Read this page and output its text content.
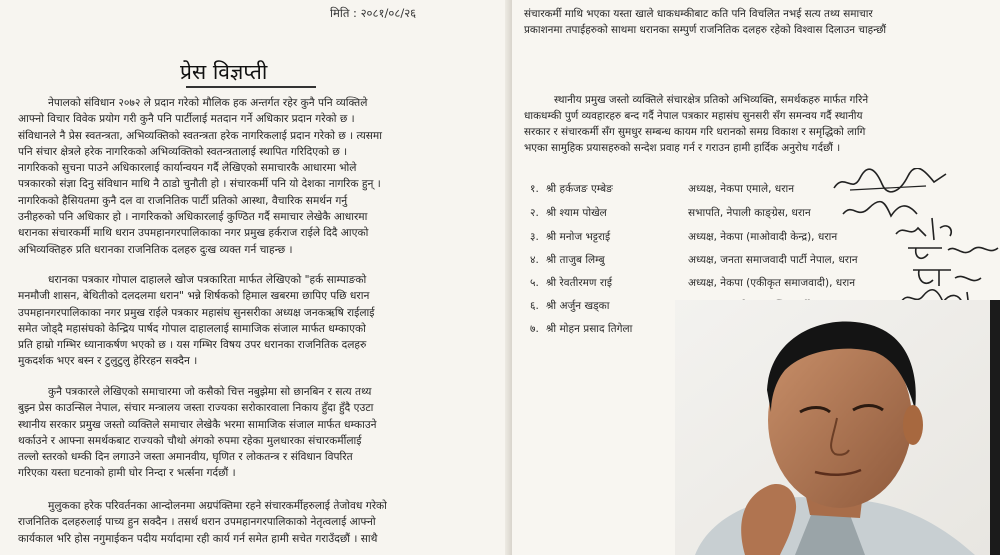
मिति : २०८१/०८/२६
प्रेस विज्ञप्ती
नेपालको संविधान २०७२ ले प्रदान गरेको मौलिक हक अन्तर्गत रहेर कुनै पनि व्यक्तिले
आफ्नो विचार विवेक प्रयोग गरी कुनै पनि पार्टीलाई मतदान गर्ने अधिकार प्रदान गरेको छ ।
संविधानले नै प्रेस स्वतन्त्रता, अभिव्यक्तिको स्वतन्त्रता हरेक नागरिकलाई प्रदान गरेको छ । त्यसमा
पनि संचार क्षेत्रले हरेक नागरिकको अभिव्यक्तिको स्वतन्त्रतालाई स्थापित गरिदिएको छ ।
नागरिकको सुचना पाउने अधिकारलाई कार्यान्वयन गर्दै लेखिएको समाचारकै आधारमा भोले
पत्रकारको संज्ञा दिनु संविधान माथि नै ठाडो चुनौती हो । संचारकर्मी पनि यो देशका नागरिक हुन् ।
नागरिकको हैसियतमा कुनै दल वा राजनितिक पार्टी प्रतिको आस्था, वैचारिक समर्थन गर्नु
उनीहरुको पनि अधिकार हो । नागरिकको अधिकारलाई कुण्ठित गर्दै समाचार लेखेकै आधारमा
धरानका संचारकर्मी माथि धरान उपमहानगरपालिकाका नगर प्रमुख हर्कराज राईले दिदै आएको
अभिव्यक्तिहरु प्रति धरानका राजनितिक दलहरु दुःख व्यक्त गर्न चाहन्छ ।
धरानका पत्रकार गोपाल दाहालले खोज पत्रकारिता मार्फत लेखिएको "हर्क साम्पाङको
मनमौजी शासन, बेथितीको दलदलमा धरान" भन्ने शिर्षकको हिमाल खबरमा छापिए पछि धरान
उपमहानगरपालिकाका नगर प्रमुख राईले पत्रकार महासंघ सुनसरीका अध्यक्ष जनकऋषि राईलाई
समेत जोड्दै महासंघको केन्द्रिय पार्षद गोपाल दाहाललाई सामाजिक संजाल मार्फत धम्काएको
प्रति हाम्रो गम्भिर ध्यानाकर्षण भएको छ । यस गम्भिर विषय उपर धरानका राजनितिक दलहरु
मुकदर्शक भएर बस्न र टुलुटुलु हेरिरहन सक्दैन ।
कुनै पत्रकारले लेखिएको समाचारमा जो कसैको चित्त नबुझेमा सो छानबिन र सत्य तथ्य
बुझ्न प्रेस काउन्सिल नेपाल, संचार मन्त्रालय जस्ता राज्यका सरोकारवाला निकाय हुँदा हुँदै एउटा
स्थानीय सरकार प्रमुख जस्तो व्यक्तिले समाचार लेखेकै भरमा सामाजिक संजाल मार्फत धम्काउने
थर्काउने र आफ्ना समर्थकबाट राज्यको चौथो अंगको रुपमा रहेका मुलधारका संचारकर्मीलाई
तल्लो स्तरको धम्की दिन लगाउने जस्ता अमानवीय, घृणित र लोकतन्त्र र संविधान विपरित
गरिएका यस्ता घटनाको हामी घोर निन्दा र भर्त्सना गर्दछौं ।
मुलुकका हरेक परिवर्तनका आन्दोलनमा अग्रपंक्तिमा रहने संचारकर्मीहरुलाई तेजोवध गरेको
राजनितिक दलहरुलाई पाच्य हुन सक्दैन । तसर्थ धरान उपमहानगरपालिकाको नेतृत्वलाई आफ्नो
कार्यकाल भरि होस नगुमाईकन पदीय मर्यादामा रही कार्य गर्न समेत हामी सचेत गराउँदछौं । साथै
संचारकर्मी माथि भएका यस्ता खाले धाकधम्कीबाट कति पनि विचलित नभई सत्य तथ्य समाचार
प्रकाशनमा तपाईहरुको साथमा धरानका सम्पुर्ण राजनितिक दलहरु रहेको विश्वास दिलाउन चाहन्छौं
स्थानीय प्रमुख जस्तो व्यक्तिले संचारक्षेत्र प्रतिको अभिव्यक्ति, समर्थकहरु मार्फत गरिने
धाकधम्की पुर्ण व्यवहारहरु बन्द गर्दै नेपाल पत्रकार महासंघ सुनसरी सँग समन्वय गर्दै स्थानीय
सरकार र संचारकर्मी सँग सुमधुर सम्बन्ध कायम गरि धरानको समग्र विकाश र समृद्धिको लागि
भएका सामुहिक प्रयासहरुको सन्देश प्रवाह गर्न र गराउन हामी हार्दिक अनुरोध गर्दछौं ।
१. श्री हर्कजङ एम्बेङ	अध्यक्ष, नेकपा एमाले, धरान
२. श्री श्याम पोखेल	सभापति, नेपाली काङ्ग्रेस, धरान
३. श्री मनोज भट्टराई	अध्यक्ष, नेकपा (माओवादी केन्द्र), धरान
४. श्री ताजुब लिम्बु	अध्यक्ष, जनता समाजवादी पार्टी नेपाल, धरान
५. श्री रेवतीरमण राई	अध्यक्ष, नेकपा (एकीकृत समाजवादी), धरान
६. श्री अर्जुन खड्का
७. श्री मोहन प्रसाद तिगेला
